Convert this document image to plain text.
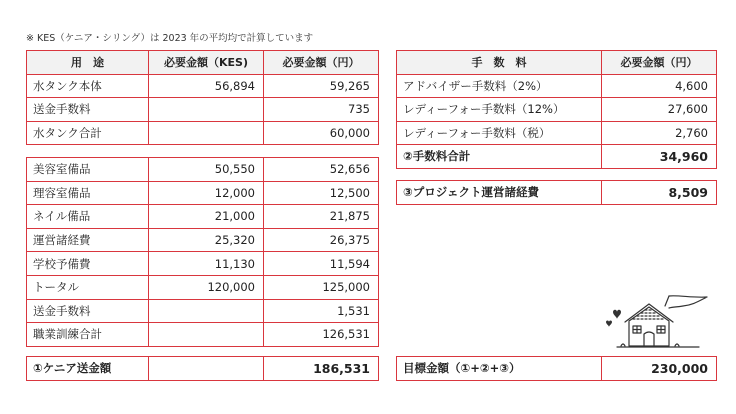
※ KES（ケニア・シリング）は 2023 年の平均均で計算しています
用　途	必要金額（KES)	必要金額（円）
水タンク本体	56,894	59,265
送金手数料		735
水タンク合計		60,000
美容室備品	50,550	52,656
理容室備品	12,000	12,500
ネイル備品	21,000	21,875
運営諸経費	25,320	26,375
学校予備費	11,130	11,594
トータル	120,000	125,000
送金手数料		1,531
職業訓練合計		126,531
①ケニア送金額		186,531
手　数　料	必要金額（円）
アドバイザー手数料（2%）	4,600
レディーフォー手数料（12%）	27,600
レディーフォー手数料（税）	2,760
②手数料合計	34,960
③プロジェクト運営諸経費	8,509
目標金額（①+②+③）	230,000
